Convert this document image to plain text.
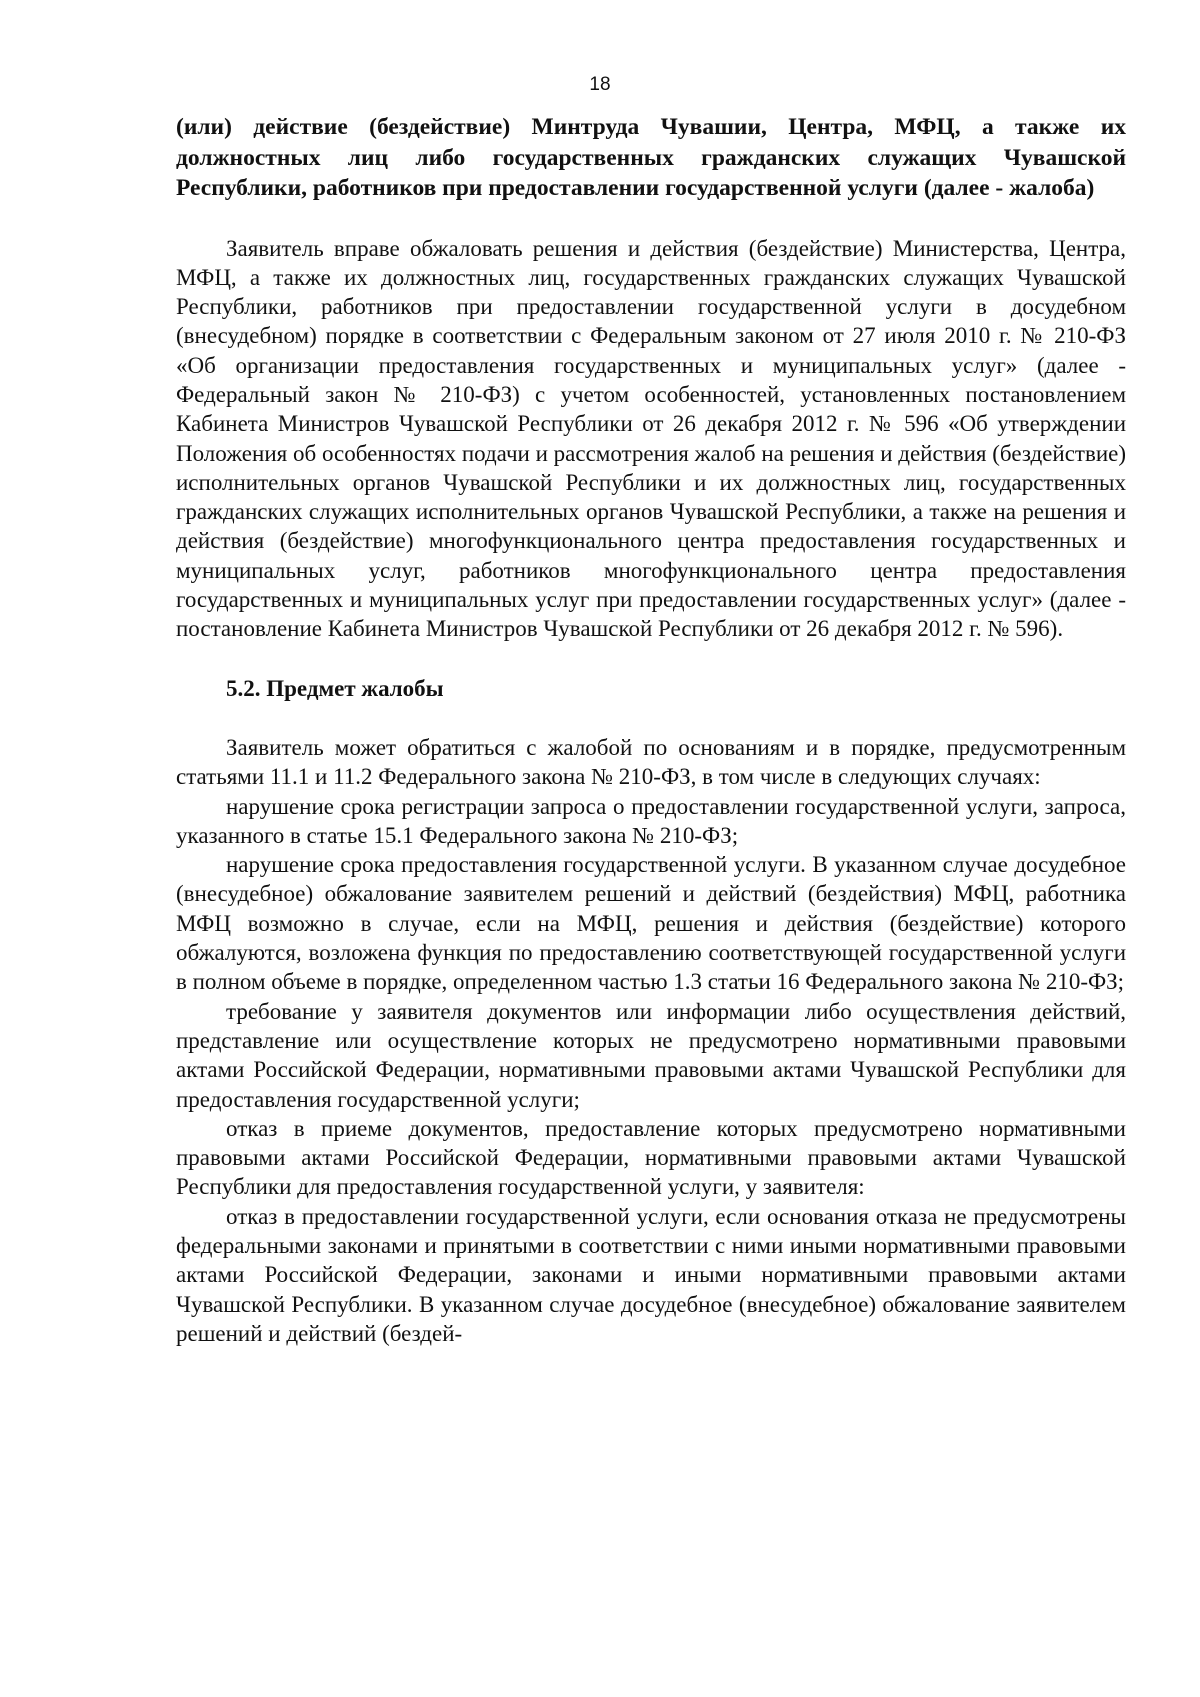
18

(или) действие (бездействие) Минтруда Чувашии, Центра, МФЦ, а также их должностных лиц либо государственных гражданских служащих Чувашской Республики, работников при предоставлении государственной услуги (далее - жалоба)

Заявитель вправе обжаловать решения и действия (бездействие) Министерства, Центра, МФЦ, а также их должностных лиц, государственных гражданских служащих Чувашской Республики, работников при предоставлении государственной услуги в досудебном (внесудебном) порядке в соответствии с Федеральным законом от 27 июля 2010 г. № 210-ФЗ «Об организации предоставления государственных и муниципальных услуг» (далее - Федеральный закон № 210-ФЗ) с учетом особенностей, установленных постановлением Кабинета Министров Чувашской Республики от 26 декабря 2012 г. № 596 «Об утверждении Положения об особенностях подачи и рассмотрения жалоб на решения и действия (бездействие) исполнительных органов Чувашской Республики и их должностных лиц, государственных гражданских служащих исполнительных органов Чувашской Республики, а также на решения и действия (бездействие) многофункционального центра предоставления государственных и муниципальных услуг, работников многофункционального центра предоставления государственных и муниципальных услуг при предоставлении государственных услуг» (далее - постановление Кабинета Министров Чувашской Республики от 26 декабря 2012 г. № 596).

5.2. Предмет жалобы

Заявитель может обратиться с жалобой по основаниям и в порядке, предусмотренным статьями 11.1 и 11.2 Федерального закона № 210-ФЗ, в том числе в следующих случаях:

нарушение срока регистрации запроса о предоставлении государственной услуги, запроса, указанного в статье 15.1 Федерального закона № 210-ФЗ;

нарушение срока предоставления государственной услуги. В указанном случае досудебное (внесудебное) обжалование заявителем решений и действий (бездействия) МФЦ, работника МФЦ возможно в случае, если на МФЦ, решения и действия (бездействие) которого обжалуются, возложена функция по предоставлению соответствующей государственной услуги в полном объеме в порядке, определенном частью 1.3 статьи 16 Федерального закона № 210-ФЗ;

требование у заявителя документов или информации либо осуществления действий, представление или осуществление которых не предусмотрено нормативными правовыми актами Российской Федерации, нормативными правовыми актами Чувашской Республики для предоставления государственной услуги;

отказ в приеме документов, предоставление которых предусмотрено нормативными правовыми актами Российской Федерации, нормативными правовыми актами Чувашской Республики для предоставления государственной услуги, у заявителя:

отказ в предоставлении государственной услуги, если основания отказа не предусмотрены федеральными законами и принятыми в соответствии с ними иными нормативными правовыми актами Российской Федерации, законами и иными нормативными правовыми актами Чувашской Республики. В указанном случае досудебное (внесудебное) обжалование заявителем решений и действий (бездей-
